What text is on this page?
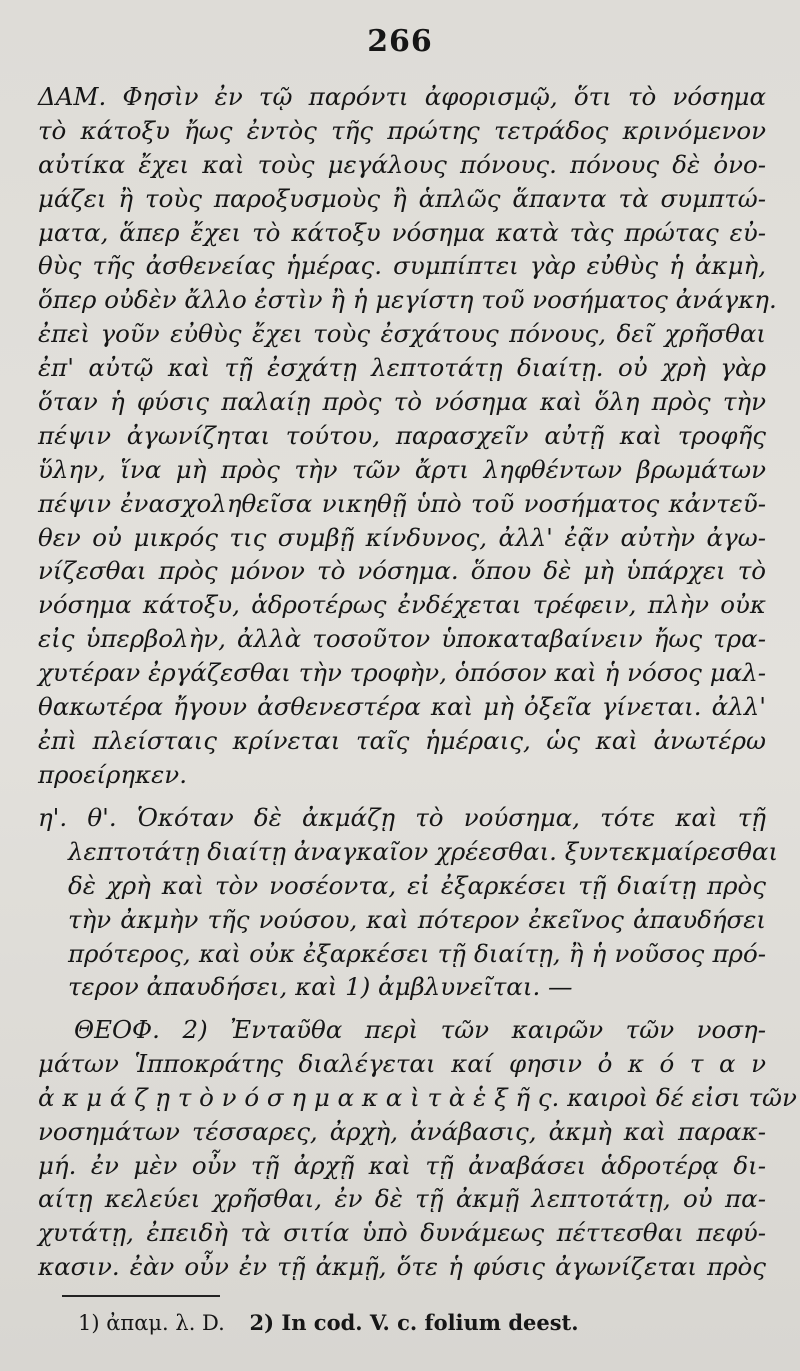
266
ΔΑΜ. Φησὶν ἐν τῷ παρόντι ἀφορισμῷ, ὅτι τὸ νόσημα
τὸ κάτοξυ ἤως ἐντὸς τῆς πρώτης τετράδος κρινόμενον
αὐτίκα ἔχει καὶ τοὺς μεγάλους πόνους. πόνους δὲ ὀνο-
μάζει ἢ τοὺς παροξυσμοὺς ἢ ἁπλῶς ἅπαντα τὰ συμπτώ-
ματα, ἅπερ ἔχει τὸ κάτοξυ νόσημα κατὰ τὰς πρώτας εὐ-
θὺς τῆς ἀσθενείας ἡμέρας. συμπίπτει γὰρ εὐθὺς ἡ ἀκμὴ,
ὅπερ οὐδὲν ἄλλο ἐστὶν ἢ ἡ μεγίστη τοῦ νοσήματος ἀνάγκη.
ἐπεὶ γοῦν εὐθὺς ἔχει τοὺς ἐσχάτους πόνους, δεῖ χρῆσθαι
ἐπ' αὐτῷ καὶ τῇ ἐσχάτῃ λεπτοτάτῃ διαίτῃ. οὐ χρὴ γὰρ
ὅταν ἡ φύσις παλαίῃ πρὸς τὸ νόσημα καὶ ὅλη πρὸς τὴν
πέψιν ἀγωνίζηται τούτου, παρασχεῖν αὐτῇ καὶ τροφῆς
ὕλην, ἵνα μὴ πρὸς τὴν τῶν ἄρτι ληφθέντων βρωμάτων
πέψιν ἐνασχοληθεῖσα νικηθῇ ὑπὸ τοῦ νοσήματος κἀντεῦ-
θεν οὐ μικρός τις συμβῇ κίνδυνος, ἀλλ' ἐᾷν αὐτὴν ἀγω-
νίζεσθαι πρὸς μόνον τὸ νόσημα. ὅπου δὲ μὴ ὑπάρχει τὸ
νόσημα κάτοξυ, ἁδροτέρως ἐνδέχεται τρέφειν, πλὴν οὐκ
εἰς ὑπερβολὴν, ἀλλὰ τοσοῦτον ὑποκαταβαίνειν ἤως τρα-
χυτέραν ἐργάζεσθαι τὴν τροφὴν, ὁπόσον καὶ ἡ νόσος μαλ-
θακωτέρα ἤγουν ἀσθενεστέρα καὶ μὴ ὀξεῖα γίνεται. ἀλλ'
ἐπὶ πλείσταις κρίνεται ταῖς ἡμέραις, ὡς καὶ ἀνωτέρω
προείρηκεν.
η'. θ'. Ὁκόταν δὲ ἀκμάζῃ τὸ νούσημα, τότε καὶ τῇ
λεπτοτάτῃ διαίτῃ ἀναγκαῖον χρέεσθαι. ξυντεκμαίρεσθαι
δὲ χρὴ καὶ τὸν νοσέοντα, εἰ ἐξαρκέσει τῇ διαίτῃ πρὸς
τὴν ἀκμὴν τῆς νούσου, καὶ πότερον ἐκεῖνος ἀπαυδήσει
πρότερος, καὶ οὐκ ἐξαρκέσει τῇ διαίτῃ, ἢ ἡ νοῦσος πρό-
τερον ἀπαυδήσει, καὶ 1) ἀμβλυνεῖται. —
ΘΕΟΦ. 2) Ἐνταῦθα περὶ τῶν καιρῶν τῶν νοση-
μάτων Ἱπποκράτης διαλέγεται καί φησιν ὀ κ ό τ α ν
ἀ κ μ ά ζ ῃ τ ὸ ν ό σ η μ α κ α ὶ τ ὰ ἑ ξ ῆ ς. καιροὶ δέ εἰσι τῶν
νοσημάτων τέσσαρες, ἀρχὴ, ἀνάβασις, ἀκμὴ καὶ παρακ-
μή. ἐν μὲν οὖν τῇ ἀρχῇ καὶ τῇ ἀναβάσει ἁδροτέρᾳ δι-
αίτῃ κελεύει χρῆσθαι, ἐν δὲ τῇ ἀκμῇ λεπτοτάτῃ, οὐ πα-
χυτάτῃ, ἐπειδὴ τὰ σιτία ὑπὸ δυνάμεως πέττεσθαι πεφύ-
κασιν. ἐὰν οὖν ἐν τῇ ἀκμῇ, ὅτε ἡ φύσις ἀγωνίζεται πρὸς
1) ἀπαμ. λ. D. 2) In cod. V. c. folium deest.
